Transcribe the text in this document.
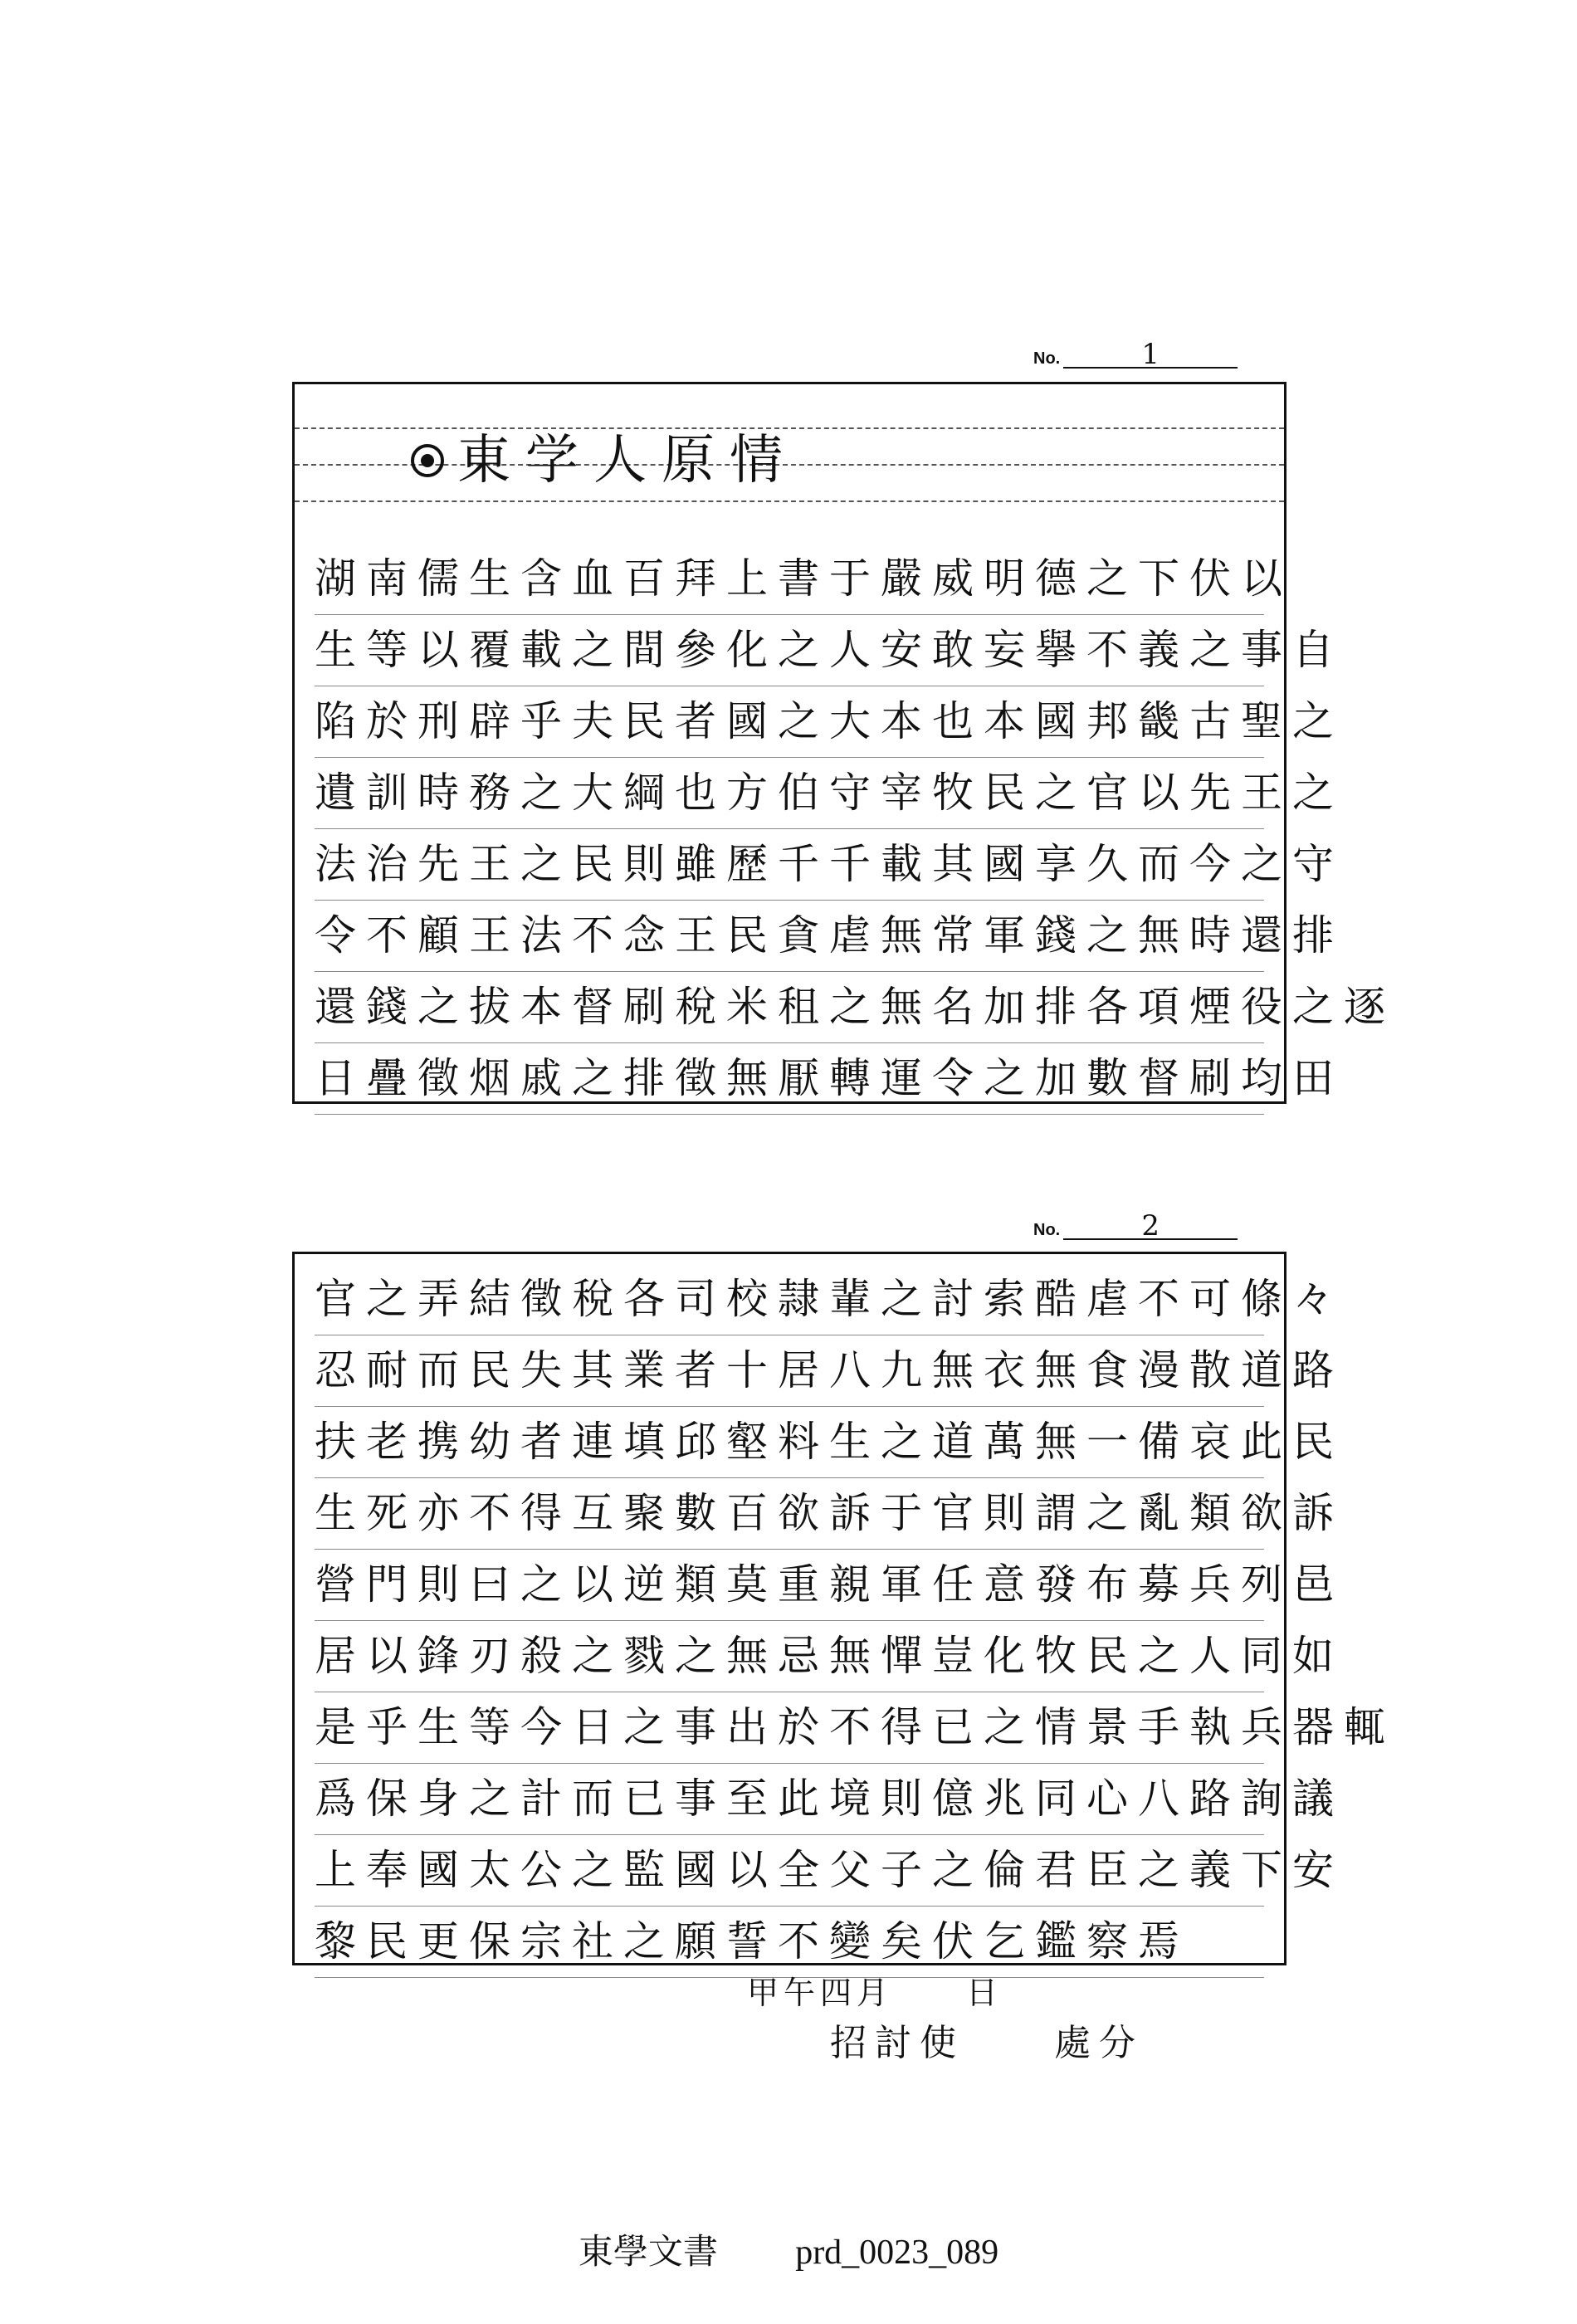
No.	1
東学人原情
湖南儒生含血百拜上書于嚴威明德之下伏以
生等以覆載之間參化之人安敢妄擧不義之事自
陷於刑辟乎夫民者國之大本也本國邦畿古聖之
遺訓時務之大綱也方伯守宰牧民之官以先王之
法治先王之民則雖歷千千載其國享久而今之守
令不顧王法不念王民貪虐無常軍錢之無時還排
還錢之拔本督刷稅米租之無名加排各項煙役之逐
日疊徵烟戚之排徵無厭轉運令之加數督刷均田
No.	2
官之弄結徵稅各司校隷輩之討索酷虐不可條々
忍耐而民失其業者十居八九無衣無食漫散道路
扶老携幼者連填邱壑料生之道萬無一備哀此民
生死亦不得互聚數百欲訴于官則謂之亂類欲訴
營門則曰之以逆類莫重親軍任意發布募兵列邑
居以鋒刃殺之戮之無忌無憚豈化牧民之人同如
是乎生等今日之事出於不得已之情景手執兵器輒
爲保身之計而已事至此境則億兆同心八路詢議
上奉國太公之監國以全父子之倫君臣之義下安
黎民更保宗社之願誓不變矣伏乞鑑察焉
甲午四月　　日
招討使　　處分
東學文書 prd_0023_089
